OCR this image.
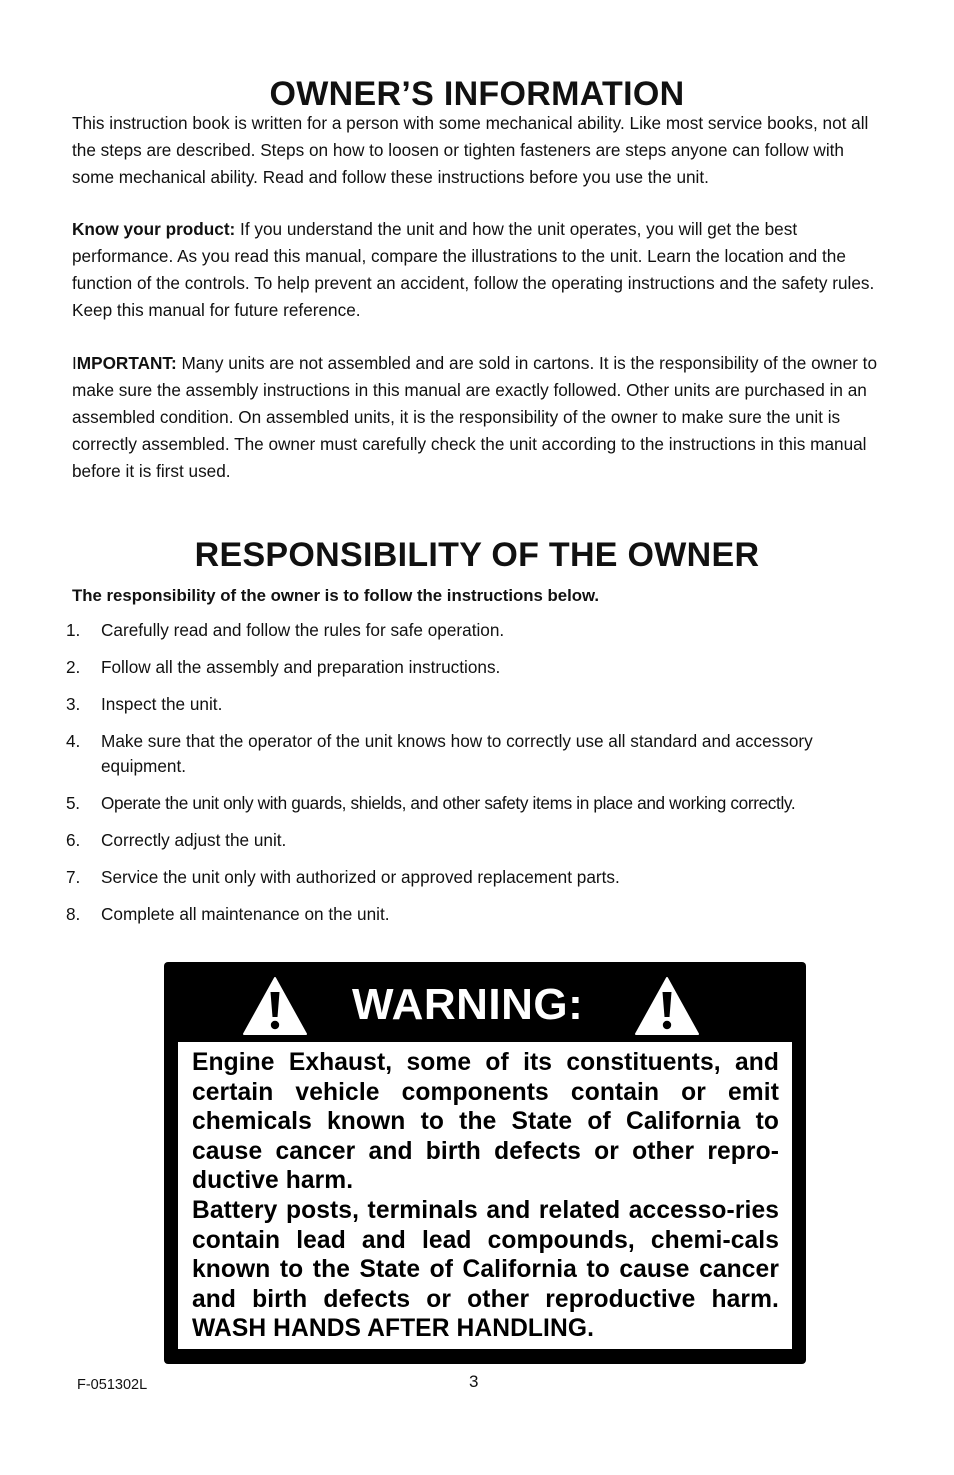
OWNER’S INFORMATION

This instruction book is written for a person with some mechanical ability. Like most service books, not all the steps are described. Steps on how to loosen or tighten fasteners are steps anyone can follow with some mechanical ability. Read and follow these instructions before you use the unit.

Know your product: If you understand the unit and how the unit operates, you will get the best performance. As you read this manual, compare the illustrations to the unit. Learn the location and the function of the controls. To help prevent an accident, follow the operating instructions and the safety rules. Keep this manual for future reference.

IMPORTANT: Many units are not assembled and are sold in cartons. It is the responsibility of the owner to make sure the assembly instructions in this manual are exactly followed. Other units are purchased in an assembled condition. On assembled units, it is the responsibility of the owner to make sure the unit is correctly assembled. The owner must carefully check the unit according to the instructions in this manual before it is first used.

RESPONSIBILITY OF THE OWNER

The responsibility of the owner is to follow the instructions below.

1. Carefully read and follow the rules for safe operation.
2. Follow all the assembly and preparation instructions.
3. Inspect the unit.
4. Make sure that the operator of the unit knows how to correctly use all standard and accessory equipment.
5. Operate the unit only with guards, shields, and other safety items in place and working correctly.
6. Correctly adjust the unit.
7. Service the unit only with authorized or approved replacement parts.
8. Complete all maintenance on the unit.
WARNING:

Engine Exhaust, some of its constituents, and certain vehicle components contain or emit chemicals known to the State of California to cause cancer and birth defects or other repro-ductive harm.

Battery posts, terminals and related accesso-ries contain lead and lead compounds, chemi-cals known to the State of California to cause cancer and birth defects or other reproductive harm. WASH HANDS AFTER HANDLING.

F-051302L	3
